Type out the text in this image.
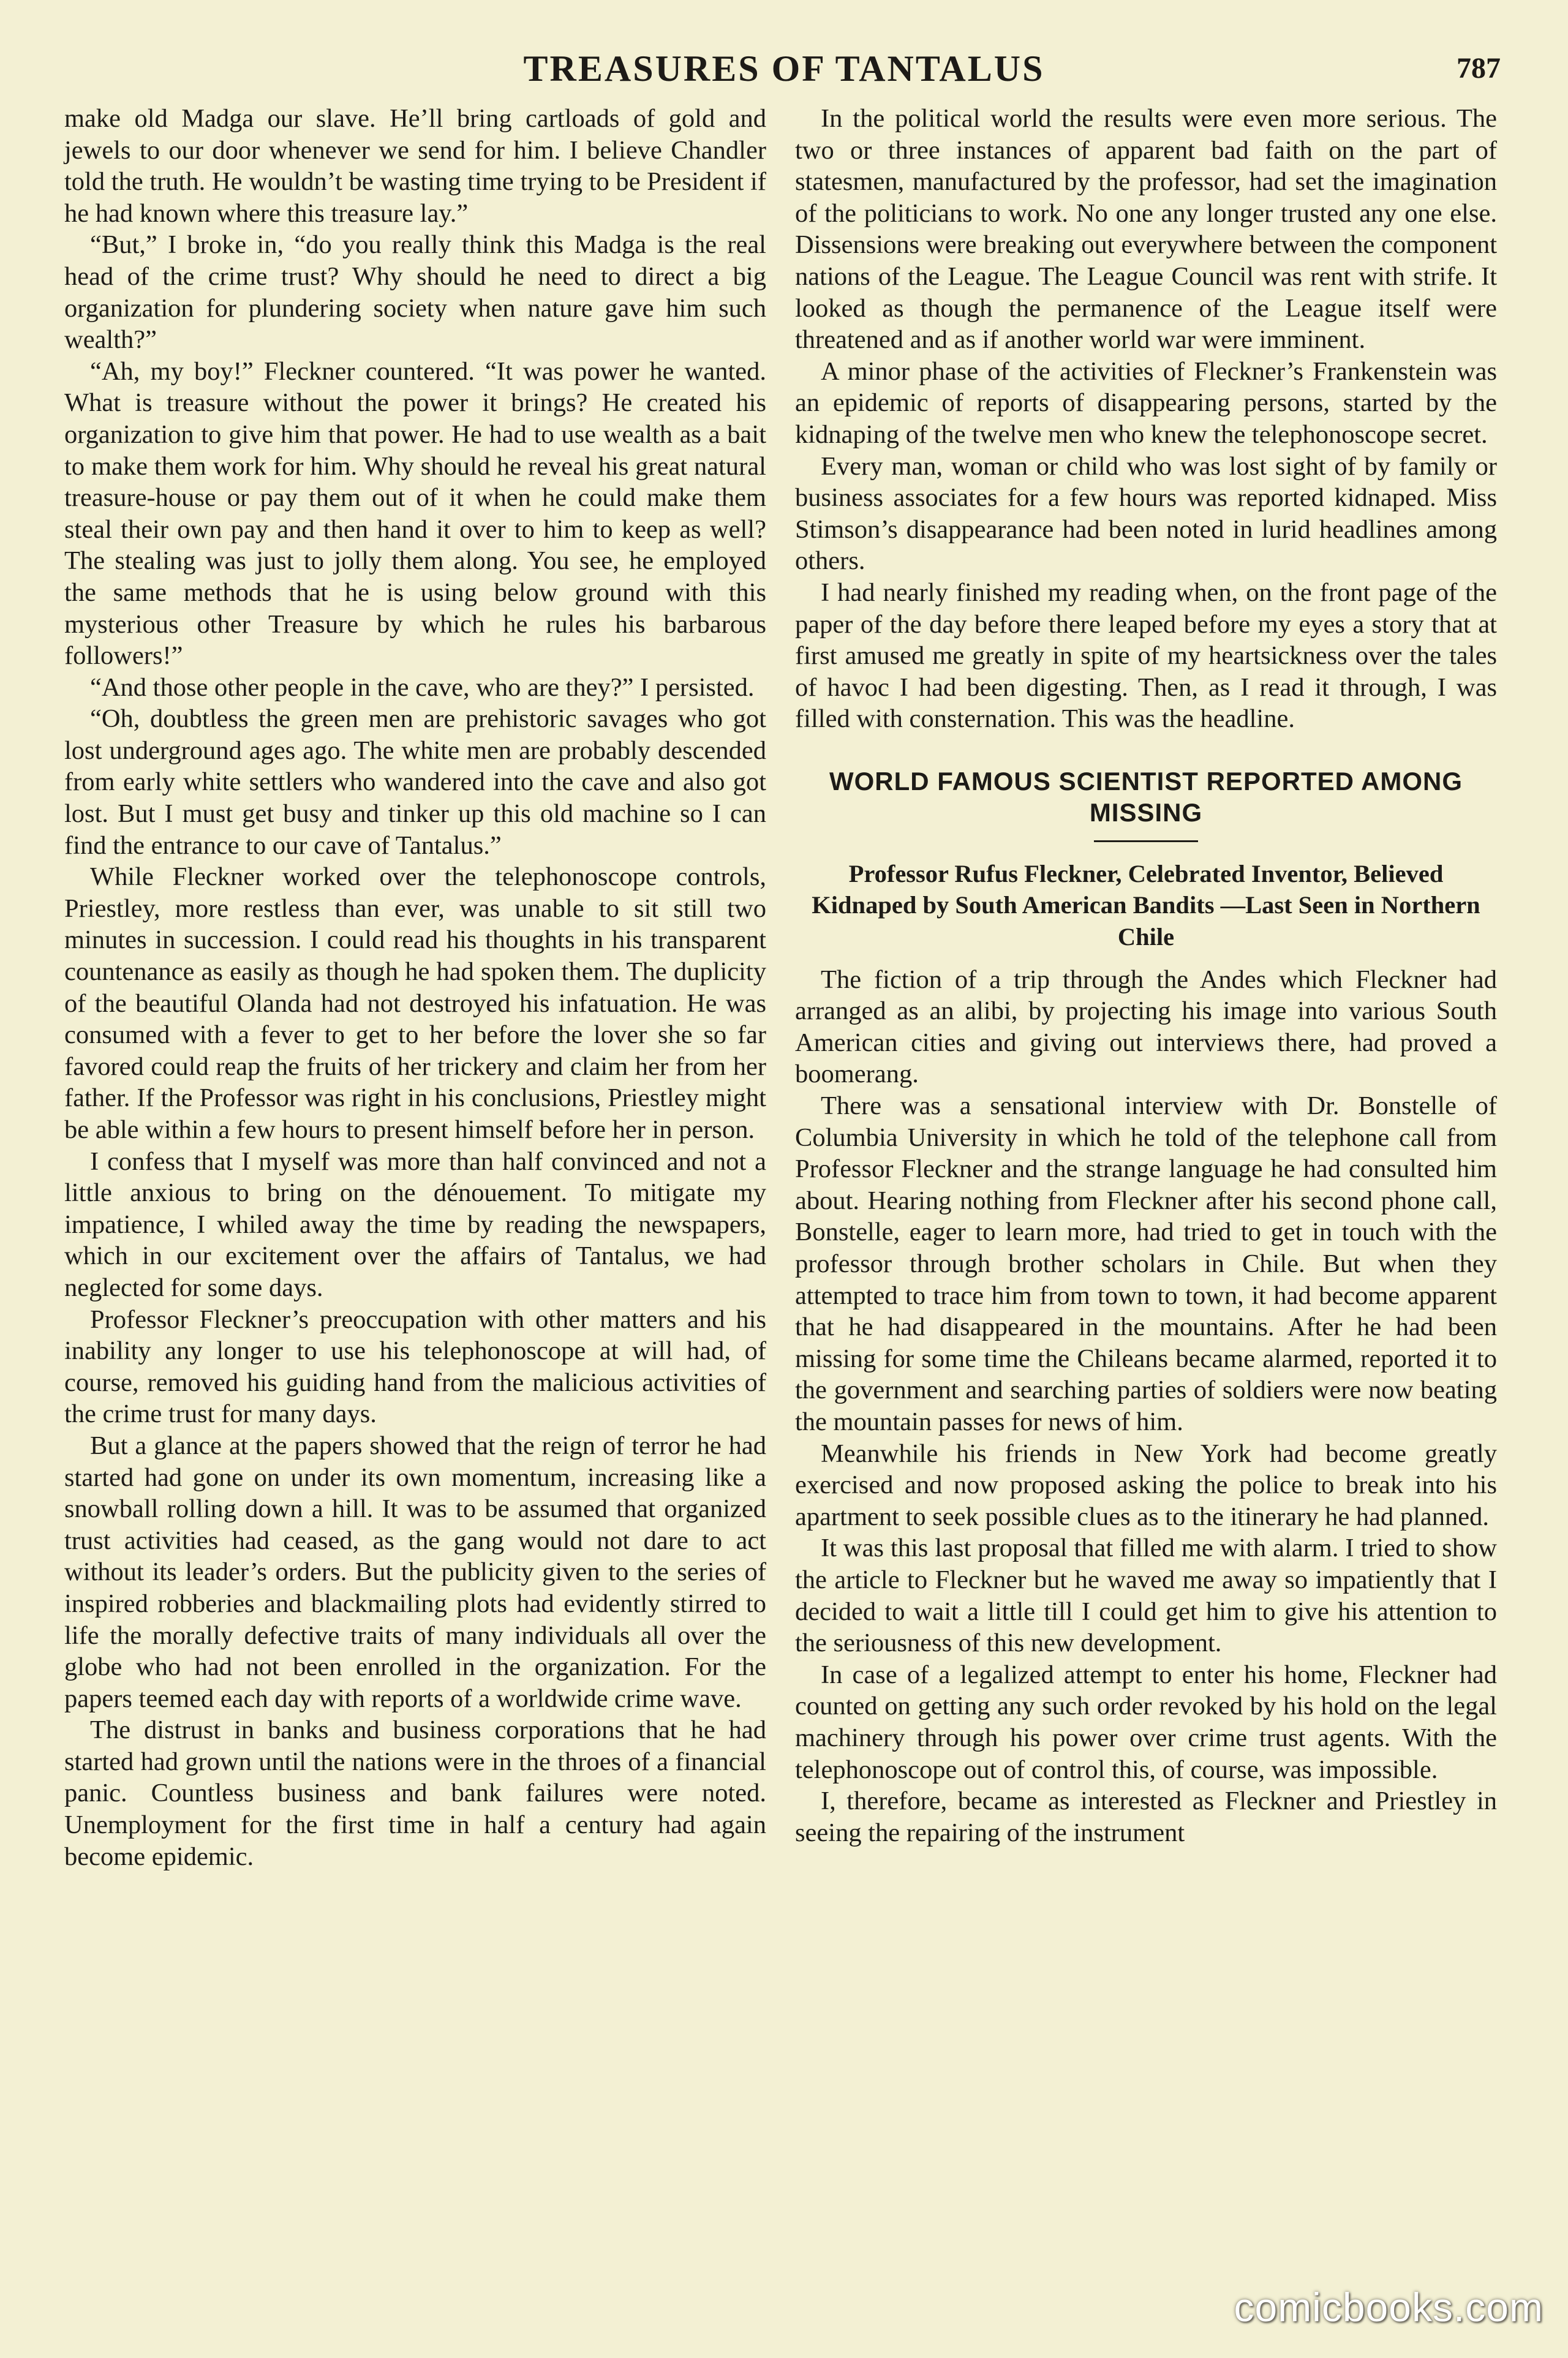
TREASURES OF TANTALUS	787

make old Madga our slave. He’ll bring cartloads of gold and jewels to our door whenever we send for him. I believe Chandler told the truth. He wouldn’t be wasting time trying to be President if he had known where this treasure lay.”

“But,” I broke in, “do you really think this Madga is the real head of the crime trust? Why should he need to direct a big organization for plundering society when nature gave him such wealth?”

“Ah, my boy!” Fleckner countered. “It was power he wanted. What is treasure without the power it brings? He created his organization to give him that power. He had to use wealth as a bait to make them work for him. Why should he reveal his great natural treasure-house or pay them out of it when he could make them steal their own pay and then hand it over to him to keep as well? The stealing was just to jolly them along. You see, he employed the same methods that he is using below ground with this mysterious other Treasure by which he rules his barbarous followers!”

“And those other people in the cave, who are they?” I persisted.

“Oh, doubtless the green men are prehistoric savages who got lost underground ages ago. The white men are probably descended from early white settlers who wandered into the cave and also got lost. But I must get busy and tinker up this old machine so I can find the entrance to our cave of Tantalus.”

While Fleckner worked over the telephonoscope controls, Priestley, more restless than ever, was unable to sit still two minutes in succession. I could read his thoughts in his transparent countenance as easily as though he had spoken them. The duplicity of the beautiful Olanda had not destroyed his infatuation. He was consumed with a fever to get to her before the lover she so far favored could reap the fruits of her trickery and claim her from her father. If the Professor was right in his conclusions, Priestley might be able within a few hours to present himself before her in person.

I confess that I myself was more than half convinced and not a little anxious to bring on the dénouement. To mitigate my impatience, I whiled away the time by reading the newspapers, which in our excitement over the affairs of Tantalus, we had neglected for some days.

Professor Fleckner’s preoccupation with other matters and his inability any longer to use his telephonoscope at will had, of course, removed his guiding hand from the malicious activities of the crime trust for many days.

But a glance at the papers showed that the reign of terror he had started had gone on under its own momentum, increasing like a snowball rolling down a hill. It was to be assumed that organized trust activities had ceased, as the gang would not dare to act without its leader’s orders. But the publicity given to the series of inspired robberies and blackmailing plots had evidently stirred to life the morally defective traits of many individuals all over the globe who had not been enrolled in the organization. For the papers teemed each day with reports of a worldwide crime wave.

The distrust in banks and business corporations that he had started had grown until the nations were in the throes of a financial panic. Countless business and bank failures were noted. Unemployment for the first time in half a century had again become epidemic.

In the political world the results were even more serious. The two or three instances of apparent bad faith on the part of statesmen, manufactured by the professor, had set the imagination of the politicians to work. No one any longer trusted any one else. Dissensions were breaking out everywhere between the component nations of the League. The League Council was rent with strife. It looked as though the permanence of the League itself were threatened and as if another world war were imminent.

A minor phase of the activities of Fleckner’s Frankenstein was an epidemic of reports of disappearing persons, started by the kidnaping of the twelve men who knew the telephonoscope secret.

Every man, woman or child who was lost sight of by family or business associates for a few hours was reported kidnaped. Miss Stimson’s disappearance had been noted in lurid headlines among others.

I had nearly finished my reading when, on the front page of the paper of the day before there leaped before my eyes a story that at first amused me greatly in spite of my heartsickness over the tales of havoc I had been digesting. Then, as I read it through, I was filled with consternation. This was the headline.

WORLD FAMOUS SCIENTIST REPORTED AMONG MISSING
Professor Rufus Fleckner, Celebrated Inventor, Believed Kidnaped by South American Bandits —Last Seen in Northern Chile

The fiction of a trip through the Andes which Fleckner had arranged as an alibi, by projecting his image into various South American cities and giving out interviews there, had proved a boomerang.

There was a sensational interview with Dr. Bonstelle of Columbia University in which he told of the telephone call from Professor Fleckner and the strange language he had consulted him about. Hearing nothing from Fleckner after his second phone call, Bonstelle, eager to learn more, had tried to get in touch with the professor through brother scholars in Chile. But when they attempted to trace him from town to town, it had become apparent that he had disappeared in the mountains. After he had been missing for some time the Chileans became alarmed, reported it to the government and searching parties of soldiers were now beating the mountain passes for news of him.

Meanwhile his friends in New York had become greatly exercised and now proposed asking the police to break into his apartment to seek possible clues as to the itinerary he had planned.

It was this last proposal that filled me with alarm. I tried to show the article to Fleckner but he waved me away so impatiently that I decided to wait a little till I could get him to give his attention to the seriousness of this new development.

In case of a legalized attempt to enter his home, Fleckner had counted on getting any such order revoked by his hold on the legal machinery through his power over crime trust agents. With the telephonoscope out of control this, of course, was impossible.

I, therefore, became as interested as Fleckner and Priestley in seeing the repairing of the instrument

comicbooks.com
